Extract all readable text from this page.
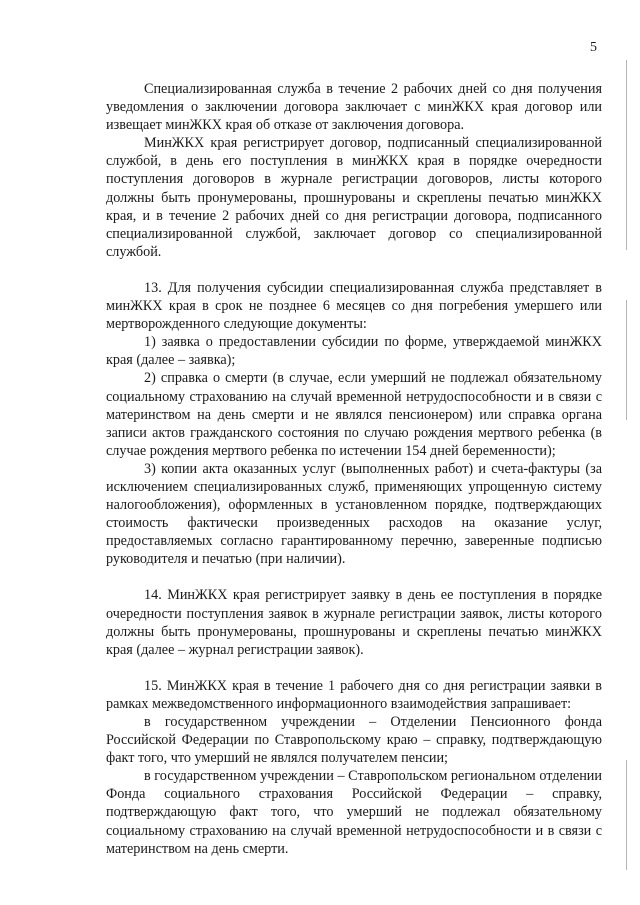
5

Специализированная служба в течение 2 рабочих дней со дня получения уведомления о заключении договора заключает с минЖКХ края договор или извещает минЖКХ края об отказе от заключения договора.

МинЖКХ края регистрирует договор, подписанный специализированной службой, в день его поступления в минЖКХ края в порядке очередности поступления договоров в журнале регистрации договоров, листы которого должны быть пронумерованы, прошнурованы и скреплены печатью минЖКХ края, и в течение 2 рабочих дней со дня регистрации договора, подписанного специализированной службой, заключает договор со специализированной службой.

13. Для получения субсидии специализированная служба представляет в минЖКХ края в срок не позднее 6 месяцев со дня погребения умершего или мертворожденного следующие документы:

1) заявка о предоставлении субсидии по форме, утверждаемой минЖКХ края (далее – заявка);

2) справка о смерти (в случае, если умерший не подлежал обязательному социальному страхованию на случай временной нетрудоспособности и в связи с материнством на день смерти и не являлся пенсионером) или справка органа записи актов гражданского состояния по случаю рождения мертвого ребенка (в случае рождения мертвого ребенка по истечении 154 дней беременности);

3) копии акта оказанных услуг (выполненных работ) и счета-фактуры (за исключением специализированных служб, применяющих упрощенную систему налогообложения), оформленных в установленном порядке, подтверждающих стоимость фактически произведенных расходов на оказание услуг, предоставляемых согласно гарантированному перечню, заверенные подписью руководителя и печатью (при наличии).

14. МинЖКХ края регистрирует заявку в день ее поступления в порядке очередности поступления заявок в журнале регистрации заявок, листы которого должны быть пронумерованы, прошнурованы и скреплены печатью минЖКХ края (далее – журнал регистрации заявок).

15. МинЖКХ края в течение 1 рабочего дня со дня регистрации заявки в рамках межведомственного информационного взаимодействия запрашивает:

в государственном учреждении – Отделении Пенсионного фонда Российской Федерации по Ставропольскому краю – справку, подтверждающую факт того, что умерший не являлся получателем пенсии;

в государственном учреждении – Ставропольском региональном отделении Фонда социального страхования Российской Федерации – справку, подтверждающую факт того, что умерший не подлежал обязательному социальному страхованию на случай временной нетрудоспособности и в связи с материнством на день смерти.
